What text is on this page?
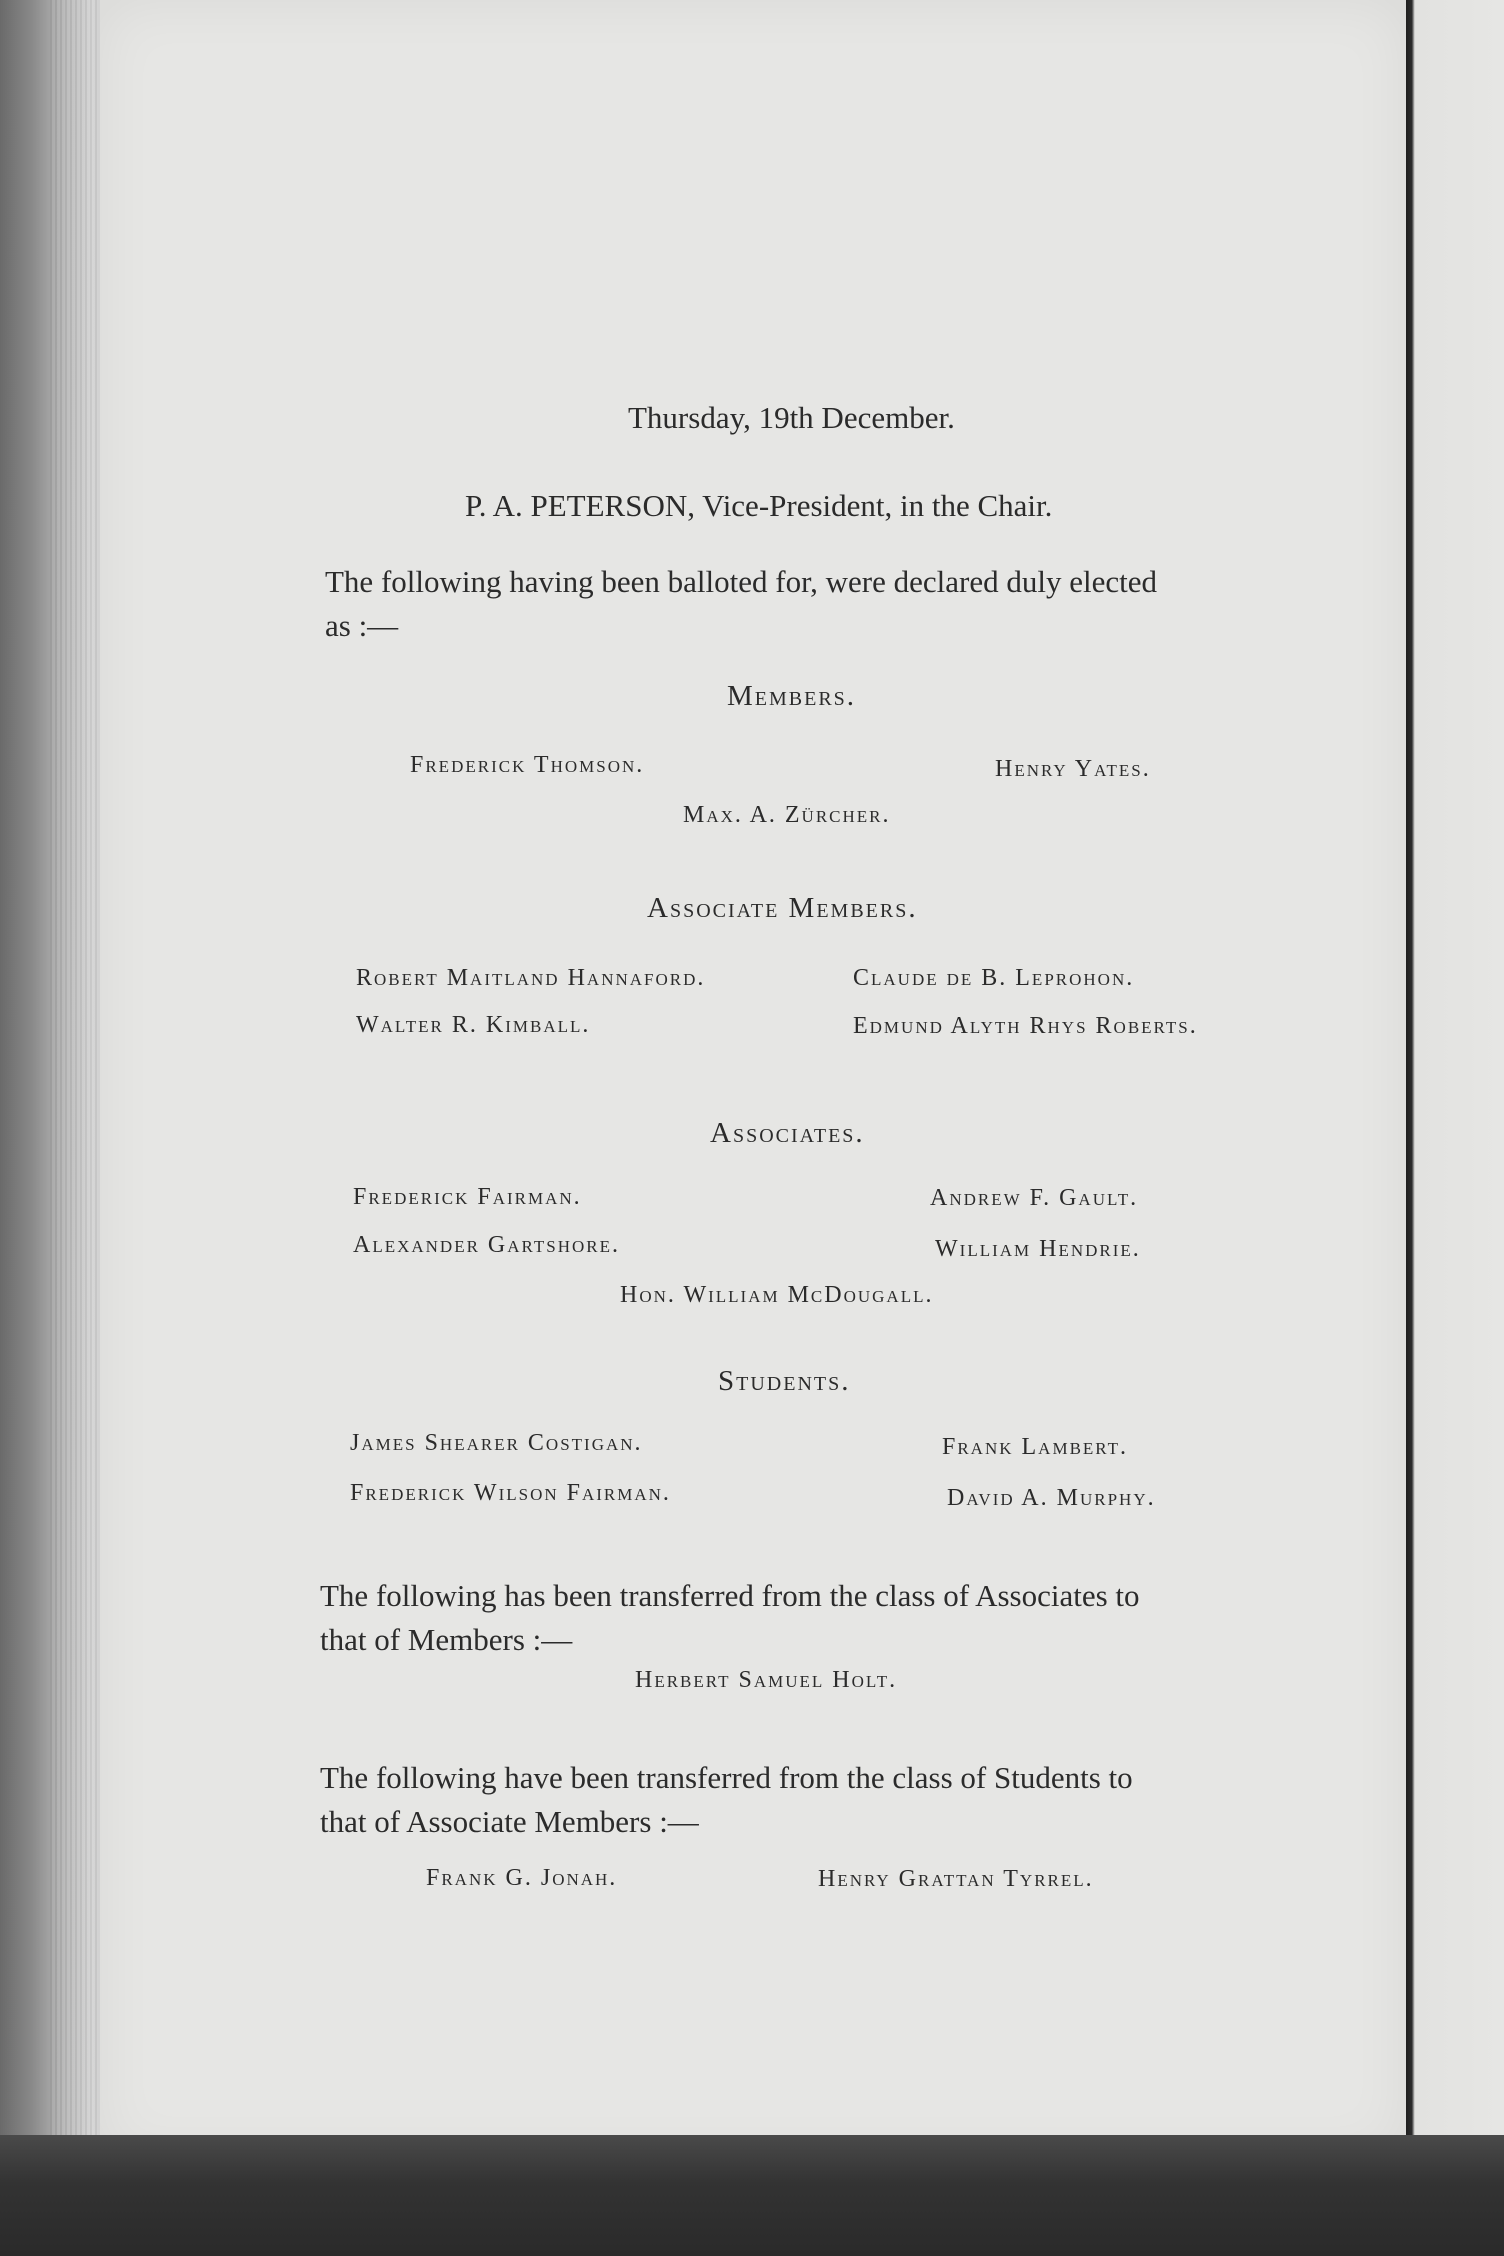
Thursday, 19th December.
P. A. PETERSON, Vice-President, in the Chair.
The following having been balloted for, were declared duly elected

as :—
Members.
Frederick Thomson.	Henry Yates.
Max. A. Zürcher.
Associate Members.
Robert Maitland Hannaford.	Claude de B. Leprohon.
Walter R. Kimball.	Edmund Alyth Rhys Roberts.
Associates.
Frederick Fairman.	Andrew F. Gault.
Alexander Gartshore.	William Hendrie.
Hon. William McDougall.
Students.
James Shearer Costigan.	Frank Lambert.
Frederick Wilson Fairman.	David A. Murphy.
The following has been transferred from the class of Associates to

that of Members :—
Herbert Samuel Holt.
The following have been transferred from the class of Students to

that of Associate Members :—
Frank G. Jonah.	Henry Grattan Tyrrel.
